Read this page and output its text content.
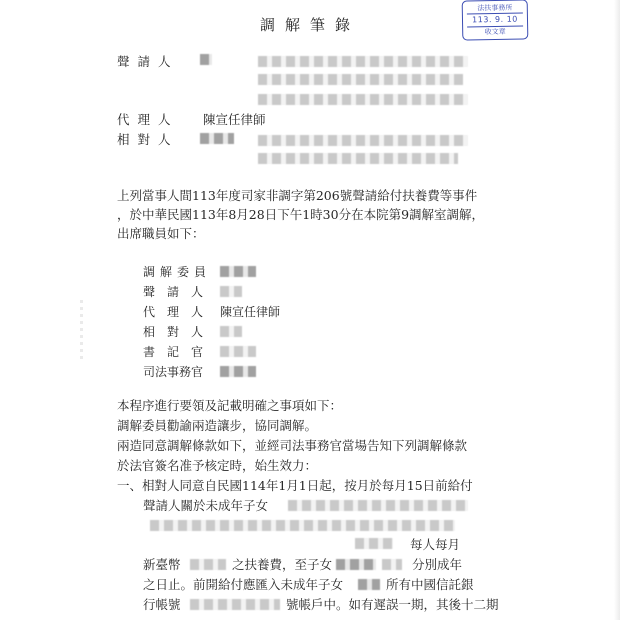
調解筆錄
法扶事務所
113. 9. 10
收文章
聲請人
代理人 陳宣任律師
相對人
上列當事人間113年度司家非調字第206號聲請給付扶養費等事件
，於中華民國113年8月28日下午1時30分在本院第9調解室調解，
出席職員如下：
調解委員
聲請人
代理人 陳宣任律師
相對人
書記官
司法事務官
本程序進行要領及記載明確之事項如下：
調解委員勸諭兩造讓步，協同調解。
兩造同意調解條款如下，並經司法事務官當場告知下列調解條款
於法官簽名准予核定時，始生效力：
一、相對人同意自民國114年1月1日起，按月於每月15日前給付
聲請人關於未成年子女
每人每月
新臺幣	之扶養費，至子女	分別成年
之日止。前開給付應匯入未成年子女	所有中國信託銀
行帳號	號帳戶中。如有遲誤一期，其後十二期
